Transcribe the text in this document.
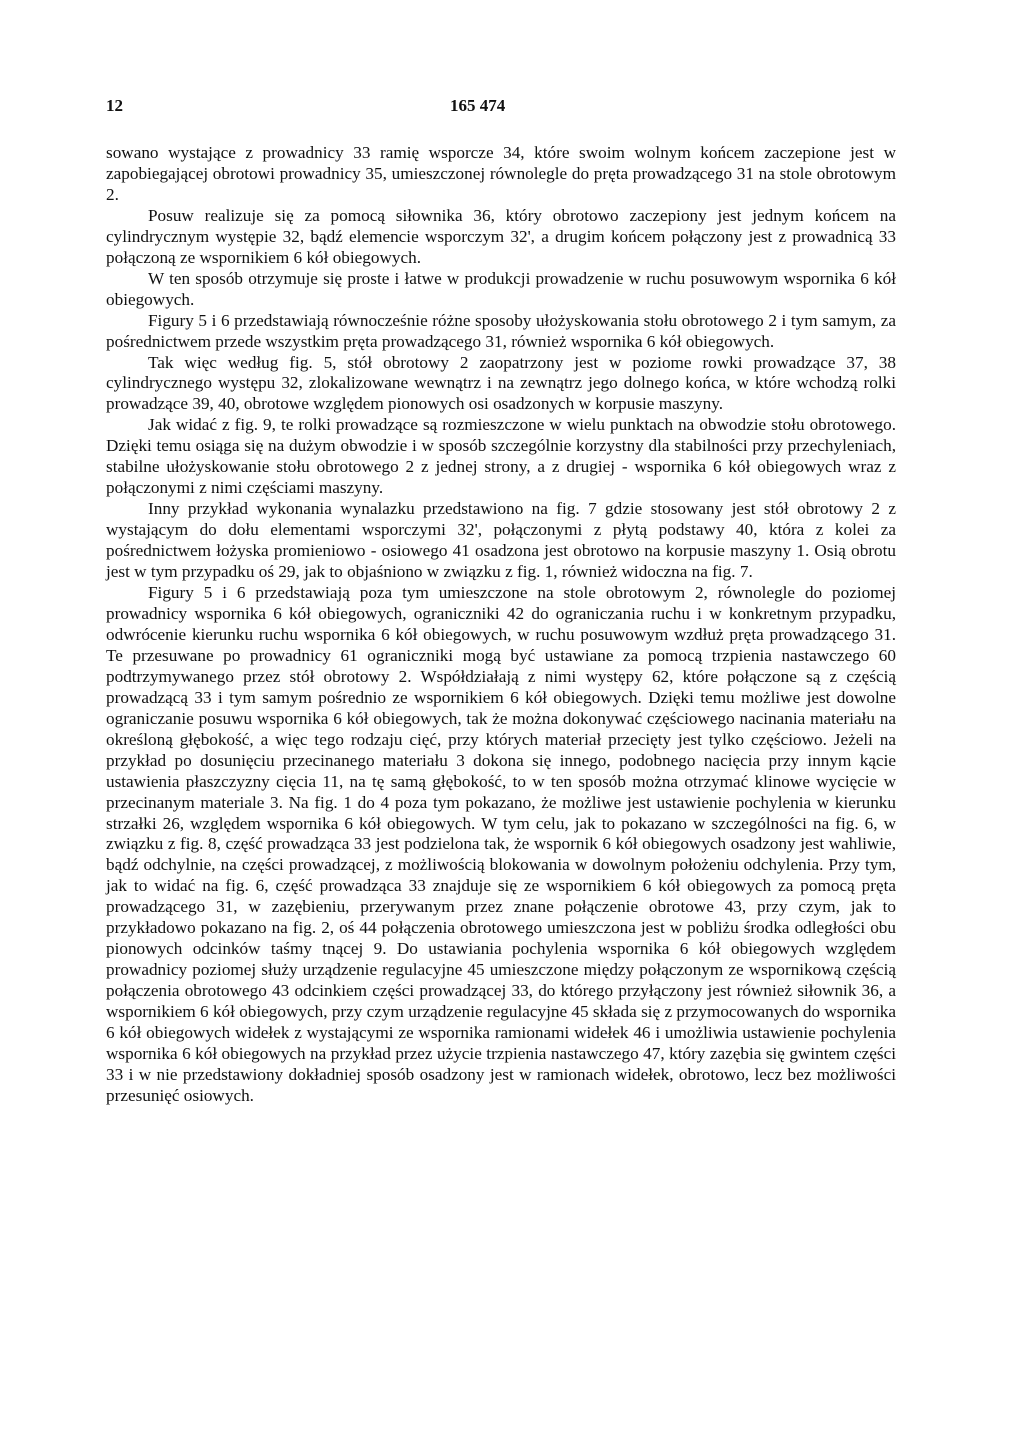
12	165 474

sowano wystające z prowadnicy 33 ramię wsporcze 34, które swoim wolnym końcem zaczepione jest w zapobiegającej obrotowi prowadnicy 35, umieszczonej równolegle do pręta prowadzącego 31 na stole obrotowym 2.

Posuw realizuje się za pomocą siłownika 36, który obrotowo zaczepiony jest jednym końcem na cylindrycznym występie 32, bądź elemencie wsporczym 32', a drugim końcem połączony jest z prowadnicą 33 połączoną ze wspornikiem 6 kół obiegowych.

W ten sposób otrzymuje się proste i łatwe w produkcji prowadzenie w ruchu posuwowym wspornika 6 kół obiegowych.

Figury 5 i 6 przedstawiają równocześnie różne sposoby ułożyskowania stołu obrotowego 2 i tym samym, za pośrednictwem przede wszystkim pręta prowadzącego 31, również wspornika 6 kół obiegowych.

Tak więc według fig. 5, stół obrotowy 2 zaopatrzony jest w poziome rowki prowadzące 37, 38 cylindrycznego występu 32, zlokalizowane wewnątrz i na zewnątrz jego dolnego końca, w które wchodzą rolki prowadzące 39, 40, obrotowe względem pionowych osi osadzonych w korpusie maszyny.

Jak widać z fig. 9, te rolki prowadzące są rozmieszczone w wielu punktach na obwodzie stołu obrotowego. Dzięki temu osiąga się na dużym obwodzie i w sposób szczególnie korzystny dla stabilności przy przechyleniach, stabilne ułożyskowanie stołu obrotowego 2 z jednej strony, a z drugiej - wspornika 6 kół obiegowych wraz z połączonymi z nimi częściami maszyny.

Inny przykład wykonania wynalazku przedstawiono na fig. 7 gdzie stosowany jest stół obrotowy 2 z wystającym do dołu elementami wsporczymi 32', połączonymi z płytą podstawy 40, która z kolei za pośrednictwem łożyska promieniowo - osiowego 41 osadzona jest obrotowo na korpusie maszyny 1. Osią obrotu jest w tym przypadku oś 29, jak to objaśniono w związku z fig. 1, również widoczna na fig. 7.

Figury 5 i 6 przedstawiają poza tym umieszczone na stole obrotowym 2, równolegle do poziomej prowadnicy wspornika 6 kół obiegowych, ograniczniki 42 do ograniczania ruchu i w konkretnym przypadku, odwrócenie kierunku ruchu wspornika 6 kół obiegowych, w ruchu posuwowym wzdłuż pręta prowadzącego 31. Te przesuwane po prowadnicy 61 ograniczniki mogą być ustawiane za pomocą trzpienia nastawczego 60 podtrzymywanego przez stół obrotowy 2. Współdziałają z nimi występy 62, które połączone są z częścią prowadzącą 33 i tym samym pośrednio ze wspornikiem 6 kół obiegowych. Dzięki temu możliwe jest dowolne ograniczanie posuwu wspornika 6 kół obiegowych, tak że można dokonywać częściowego nacinania materiału na określoną głębokość, a więc tego rodzaju cięć, przy których materiał przecięty jest tylko częściowo. Jeżeli na przykład po dosunięciu przecinanego materiału 3 dokona się innego, podobnego nacięcia przy innym kącie ustawienia płaszczyzny cięcia 11, na tę samą głębokość, to w ten sposób można otrzymać klinowe wycięcie w przecinanym materiale 3. Na fig. 1 do 4 poza tym pokazano, że możliwe jest ustawienie pochylenia w kierunku strzałki 26, względem wspornika 6 kół obiegowych. W tym celu, jak to pokazano w szczególności na fig. 6, w związku z fig. 8, część prowadząca 33 jest podzielona tak, że wspornik 6 kół obiegowych osadzony jest wahliwie, bądź odchylnie, na części prowadzącej, z możliwością blokowania w dowolnym położeniu odchylenia. Przy tym, jak to widać na fig. 6, część prowadząca 33 znajduje się ze wspornikiem 6 kół obiegowych za pomocą pręta prowadzącego 31, w zazębieniu, przerywanym przez znane połączenie obrotowe 43, przy czym, jak to przykładowo pokazano na fig. 2, oś 44 połączenia obrotowego umieszczona jest w pobliżu środka odległości obu pionowych odcinków taśmy tnącej 9. Do ustawiania pochylenia wspornika 6 kół obiegowych względem prowadnicy poziomej służy urządzenie regulacyjne 45 umieszczone między połączonym ze wspornikową częścią połączenia obrotowego 43 odcinkiem części prowadzącej 33, do którego przyłączony jest również siłownik 36, a wspornikiem 6 kół obiegowych, przy czym urządzenie regulacyjne 45 składa się z przymocowanych do wspornika 6 kół obiegowych widełek z wystającymi ze wspornika ramionami widełek 46 i umożliwia ustawienie pochylenia wspornika 6 kół obiegowych na przykład przez użycie trzpienia nastawczego 47, który zazębia się gwintem części 33 i w nie przedstawiony dokładniej sposób osadzony jest w ramionach widełek, obrotowo, lecz bez możliwości przesunięć osiowych.
